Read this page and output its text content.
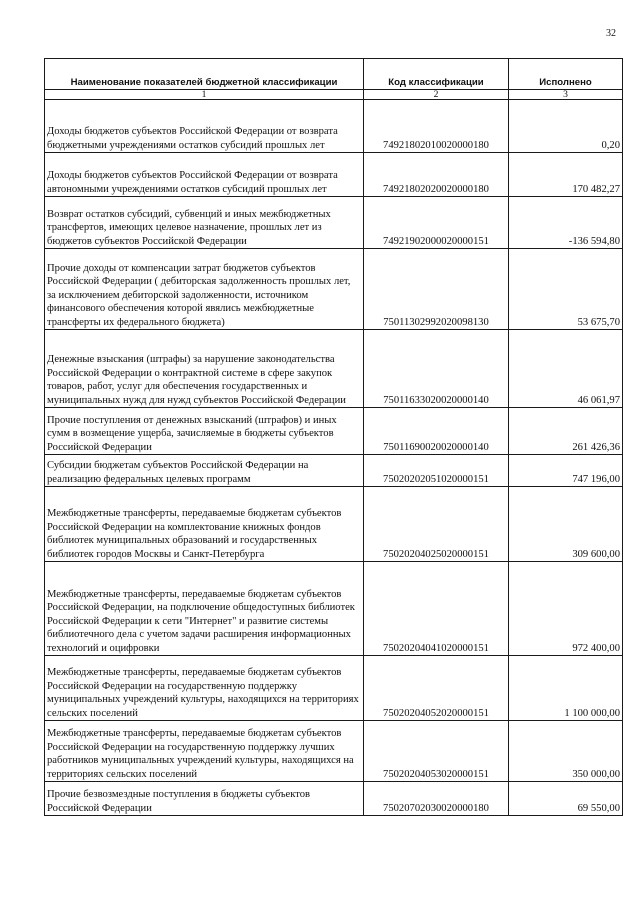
32
Наименование показателей бюджетной классификации	Код классификации	Исполнено
1	2	3

Доходы бюджетов субъектов Российской Федерации от возврата бюджетными учреждениями остатков субсидий прошлых лет	74921802010020000180	0,20

Доходы бюджетов субъектов Российской Федерации от возврата автономными учреждениями остатков субсидий прошлых лет	74921802020020000180	170 482,27

Возврат остатков субсидий, субвенций и иных межбюджетных трансфертов, имеющих целевое назначение, прошлых лет из бюджетов субъектов Российской Федерации	74921902000020000151	-136 594,80

Прочие доходы от компенсации затрат бюджетов субъектов Российской Федерации ( дебиторская задолженность прошлых лет, за исключением дебиторской задолженности, источником финансового обеспечения которой явялись межбюджетные трансферты их федерального бюджета)	75011302992020098130	53 675,70

Денежные взыскания (штрафы) за нарушение законодательства Российской Федерации о контрактной системе в сфере закупок товаров, работ, услуг для обеспечения государственных и муниципальных нужд для нужд субъектов Российской Федерации	75011633020020000140	46 061,97

Прочие поступления от денежных взысканий (штрафов) и иных сумм в возмещение ущерба, зачисляемые в бюджеты субъектов Российской Федерации	75011690020020000140	261 426,36

Субсидии бюджетам субъектов Российской Федерации на реализацию федеральных целевых программ	75020202051020000151	747 196,00

Межбюджетные трансферты, передаваемые бюджетам субъектов Российской Федерации на комплектование книжных фондов библиотек муниципальных образований и государственных библиотек городов Москвы и Санкт-Петербурга	75020204025020000151	309 600,00

Межбюджетные трансферты, передаваемые бюджетам субъектов Российской Федерации, на подключение общедоступных библиотек Российской Федерации к сети "Интернет" и развитие системы библиотечного дела с учетом задачи расширения информационных технологий и оцифровки	75020204041020000151	972 400,00

Межбюджетные трансферты, передаваемые бюджетам субъектов Российской Федерации на государственную поддержку муниципальных учреждений культуры, находящихся на территориях сельских поселений	75020204052020000151	1 100 000,00

Межбюджетные трансферты, передаваемые бюджетам субъектов Российской Федерации на государственную поддержку лучших работников муниципальных учреждений культуры, находящихся на территориях сельских поселений	75020204053020000151	350 000,00

Прочие безвозмездные поступления в бюджеты субъектов Российской Федерации	75020702030020000180	69 550,00
